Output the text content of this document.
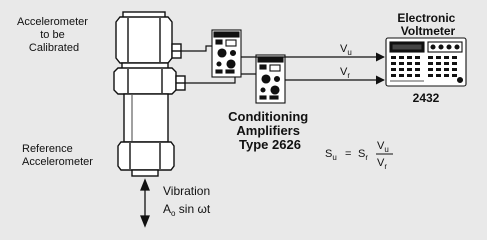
Accelerometer to be Calibrated
Reference Accelerometer
Electronic Voltmeter
2432
Conditioning Amplifiers Type 2626
Vibration
$A_o$ sin ωt
$V_u$
$V_r$
$S_u = S_r$
$V_u$
$V_r$
